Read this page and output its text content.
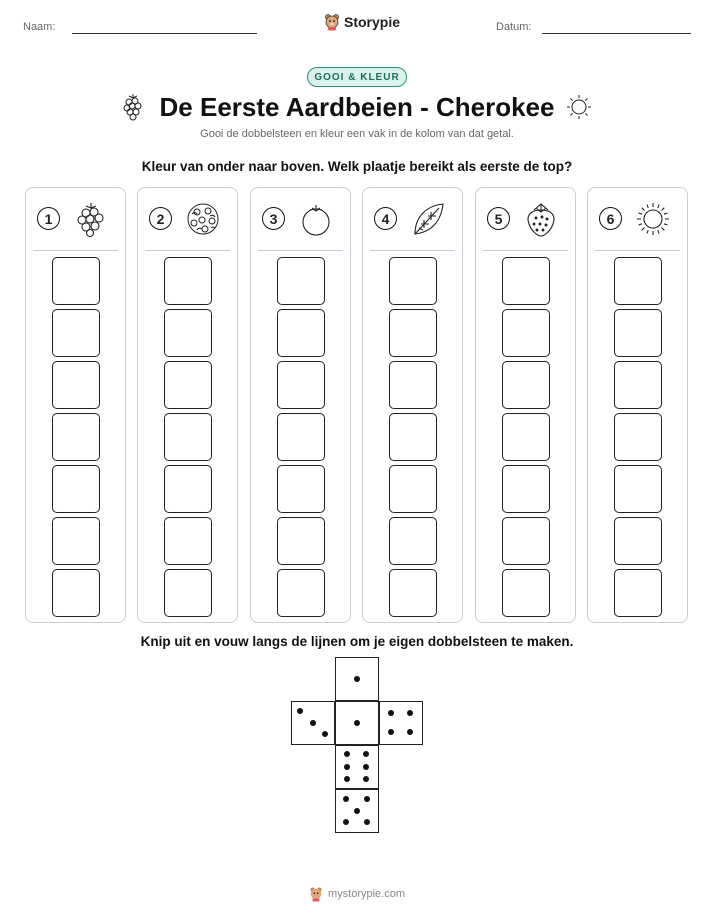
Naam:	Storypie	Datum:
GOOI & KLEUR
De Eerste Aardbeien - Cherokee
Gooi de dobbelsteen en kleur een vak in de kolom van dat getal.
Kleur van onder naar boven. Welk plaatje bereikt als eerste de top?
1	2	3	4	5	6
Knip uit en vouw langs de lijnen om je eigen dobbelsteen te maken.
mystorypie.com
